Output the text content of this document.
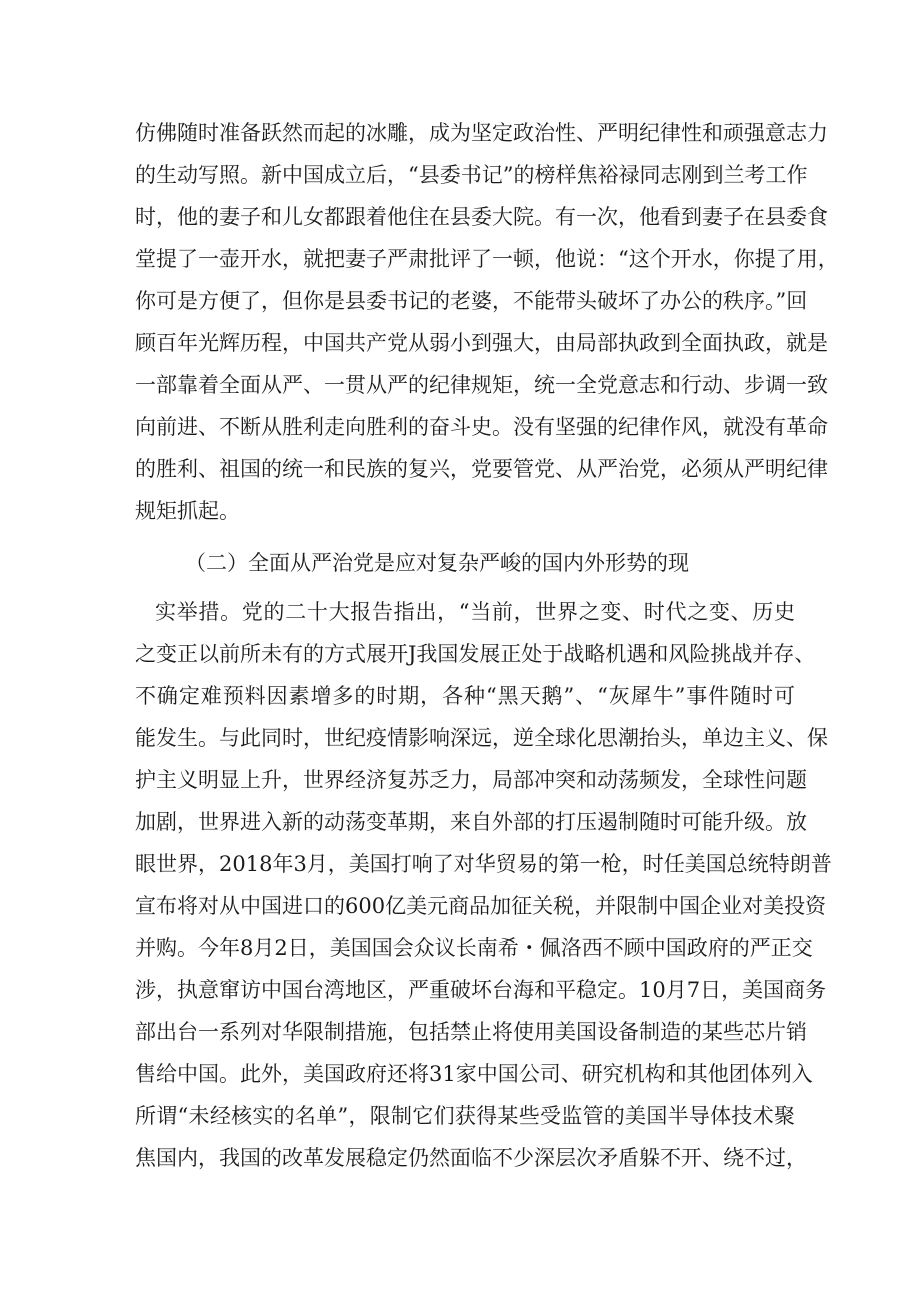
仿佛随时准备跃然而起的冰雕，成为坚定政治性、严明纪律性和顽强意志力
的生动写照。新中国成立后，“县委书记”的榜样焦裕禄同志刚到兰考工作
时，他的妻子和儿女都跟着他住在县委大院。有一次，他看到妻子在县委食
堂提了一壶开水，就把妻子严肃批评了一顿，他说：“这个开水，你提了用，
你可是方便了，但你是县委书记的老婆，不能带头破坏了办公的秩序。”回
顾百年光辉历程，中国共产党从弱小到强大，由局部执政到全面执政，就是
一部靠着全面从严、一贯从严的纪律规矩，统一全党意志和行动、步调一致
向前进、不断从胜利走向胜利的奋斗史。没有坚强的纪律作风，就没有革命
的胜利、祖国的统一和民族的复兴，党要管党、从严治党，必须从严明纪律
规矩抓起。
（二）全面从严治党是应对复杂严峻的国内外形势的现
实举措。党的二十大报告指出，“当前，世界之变、时代之变、历史
之变正以前所未有的方式展开J我国发展正处于战略机遇和风险挑战并存、
不确定难预料因素增多的时期，各种“黑天鹅”、“灰犀牛”事件随时可
能发生。与此同时，世纪疫情影响深远，逆全球化思潮抬头，单边主义、保
护主义明显上升，世界经济复苏乏力，局部冲突和动荡频发，全球性问题
加剧，世界进入新的动荡变革期，来自外部的打压遏制随时可能升级。放
眼世界，2018年3月，美国打响了对华贸易的第一枪，时任美国总统特朗普
宣布将对从中国进口的600亿美元商品加征关税，并限制中国企业对美投资
并购。今年8月2日，美国国会众议长南希・佩洛西不顾中国政府的严正交
涉，执意窜访中国台湾地区，严重破坏台海和平稳定。10月7日，美国商务
部出台一系列对华限制措施，包括禁止将使用美国设备制造的某些芯片销
售给中国。此外，美国政府还将31家中国公司、研究机构和其他团体列入
所谓“未经核实的名单”，限制它们获得某些受监管的美国半导体技术聚
焦国内，我国的改革发展稳定仍然面临不少深层次矛盾躲不开、绕不过，
